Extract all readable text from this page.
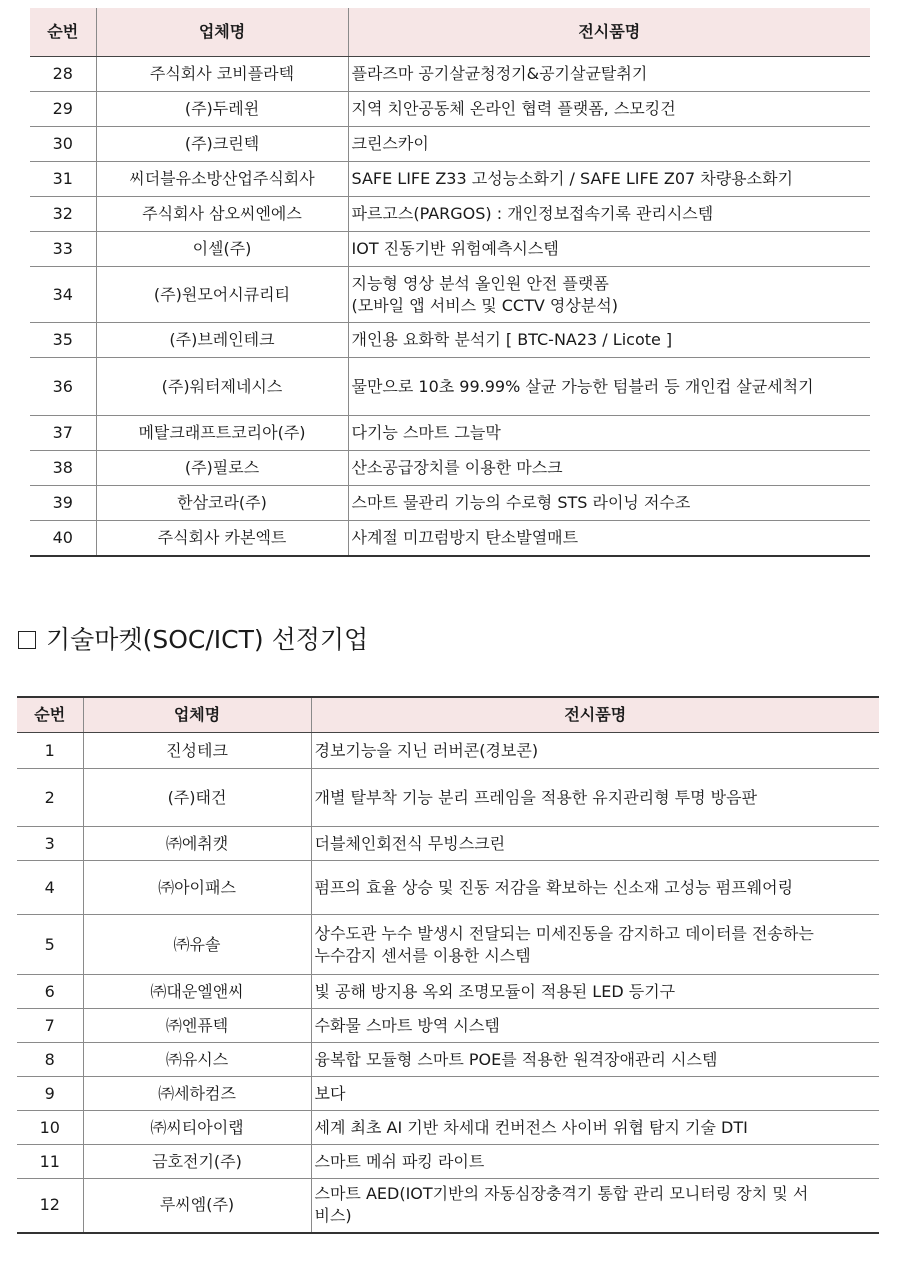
순번	업체명	전시품명
28	주식회사 코비플라텍	플라즈마 공기살균청정기&공기살균탈취기

29	(주)두레윈	지역 치안공동체 온라인 협력 플랫폼, 스모킹건

30	(주)크린텍	크린스카이

31	씨더블유소방산업주식회사	SAFE LIFE Z33 고성능소화기 / SAFE LIFE Z07 차량용소화기

32	주식회사 삼오씨엔에스	파르고스(PARGOS) : 개인정보접속기록 관리시스템

33	이셀(주)	IOT 진동기반 위험예측시스템

34	(주)원모어시큐리티	지능형 영상 분석 올인원 안전 플랫폼
(모바일 앱 서비스 및 CCTV 영상분석)

35	(주)브레인테크	개인용 요화학 분석기 [ BTC-NA23 / Licote ]

36	(주)워터제네시스	물만으로 10초 99.99% 살균 가능한 텀블러 등 개인컵 살균세척기

37	메탈크래프트코리아(주)	다기능 스마트 그늘막

38	(주)필로스	산소공급장치를 이용한 마스크

39	한삼코라(주)	스마트 물관리 기능의 수로형 STS 라이닝 저수조

40	주식회사 카본엑트	사계절 미끄럼방지 탄소발열매트
기술마켓(SOC/ICT) 선정기업
순번	업체명	전시품명
1	진성테크	경보기능을 지닌 러버콘(경보콘)

2	(주)태건	개별 탈부착 기능 분리 프레임을 적용한 유지관리형 투명 방음판

3	㈜에취캣	더블체인회전식 무빙스크린

4	㈜아이패스	펌프의 효율 상승 및 진동 저감을 확보하는 신소재 고성능 펌프웨어링

5	㈜유솔	상수도관 누수 발생시 전달되는 미세진동을 감지하고 데이터를 전송하는
누수감지 센서를 이용한 시스템

6	㈜대운엘앤씨	빛 공해 방지용 옥외 조명모듈이 적용된 LED 등기구

7	㈜엔퓨텍	수화물 스마트 방역 시스템

8	㈜유시스	융복합 모듈형 스마트 POE를 적용한 원격장애관리 시스템

9	㈜세하컴즈	보다

10	㈜씨티아이랩	세계 최초 AI 기반 차세대 컨버전스 사이버 위협 탐지 기술 DTI

11	금호전기(주)	스마트 메쉬 파킹 라이트

12	루씨엠(주)	스마트 AED(IOT기반의 자동심장충격기 통합 관리 모니터링 장치 및 서
비스)
